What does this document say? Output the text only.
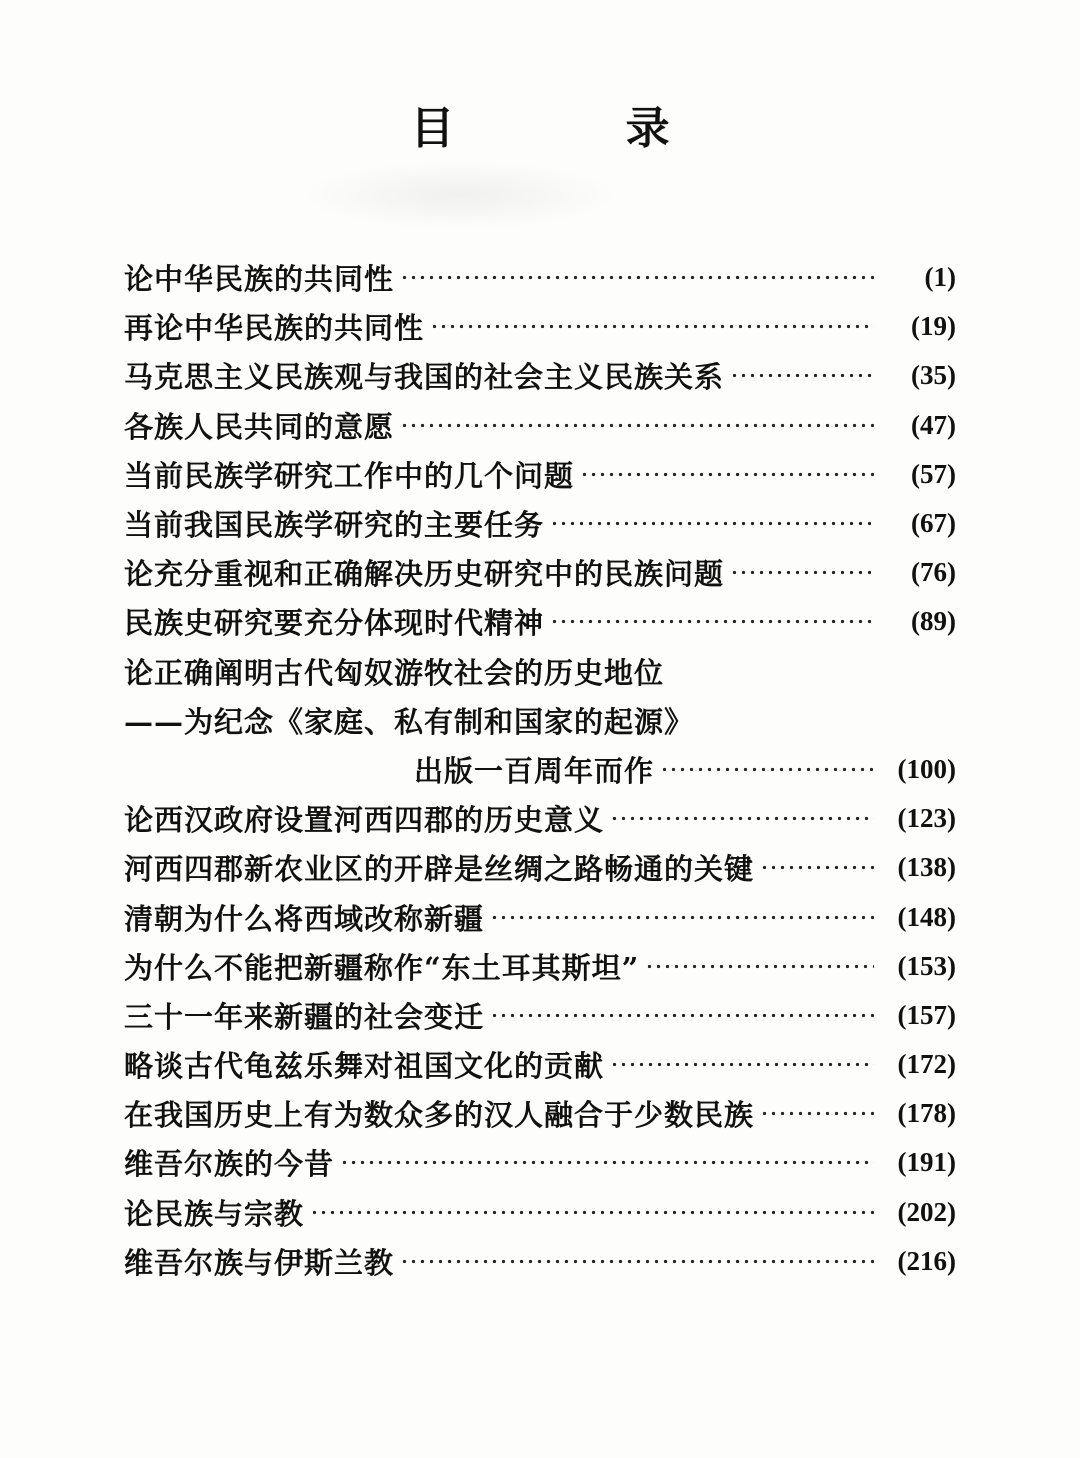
目 录
论中华民族的共同性	(1)
再论中华民族的共同性	(19)
马克思主义民族观与我国的社会主义民族关系	(35)
各族人民共同的意愿	(47)
当前民族学研究工作中的几个问题	(57)
当前我国民族学研究的主要任务	(67)
论充分重视和正确解决历史研究中的民族问题	(76)
民族史研究要充分体现时代精神	(89)
论正确阐明古代匈奴游牧社会的历史地位
——为纪念《家庭、私有制和国家的起源》
出版一百周年而作	(100)
论西汉政府设置河西四郡的历史意义	(123)
河西四郡新农业区的开辟是丝绸之路畅通的关键	(138)
清朝为什么将西域改称新疆	(148)
为什么不能把新疆称作“东土耳其斯坦”	(153)
三十一年来新疆的社会变迁	(157)
略谈古代龟兹乐舞对祖国文化的贡献	(172)
在我国历史上有为数众多的汉人融合于少数民族	(178)
维吾尔族的今昔	(191)
论民族与宗教	(202)
维吾尔族与伊斯兰教	(216)
